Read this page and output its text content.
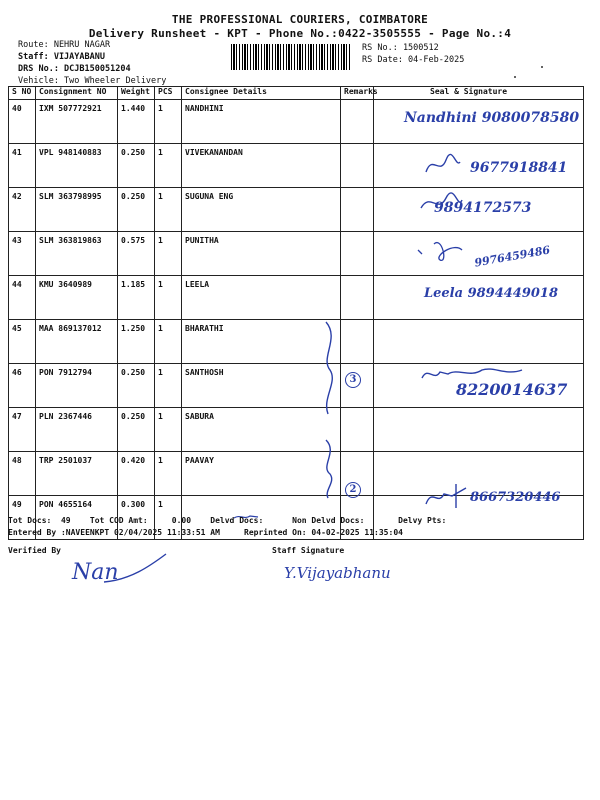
THE PROFESSIONAL COURIERS, COIMBATORE
Delivery Runsheet - KPT - Phone No.:0422-3505555 - Page No.:4
Route: NEHRU NAGAR
Staff: VIJAYABANU
DRS No.: DCJB150051204
Vehicle: Two Wheeler Delivery
RS No.: 1500512
RS Date: 04-Feb-2025
S NO	Consignment NO	Weight	PCS	Consignee Details	Remarks	Seal & Signature
40	IXM 507772921	1.440	1	NANDHINI		Nandhini 9080078580

41	VPL 948140883	0.250	1	VIVEKANANDAN		9677918841

42	SLM 363798995	0.250	1	SUGUNA ENG		9894172573

43	SLM 363819863	0.575	1	PUNITHA		9976459486

44	KMU 3640989	1.185	1	LEELA		Leela 9894449018

45	MAA 869137012	1.250	1	BHARATHI		
46	PON 7912794	0.250	1	SANTHOSH	3	8220014637

47	PLN 2367446	0.250	1	SABURA		
48	TRP 2501037	0.420	1	PAAVAY		
49	PON 4655164	0.300	1		2	8667320446
Tot Docs:  49    Tot COD Amt:     0.00    Delvd Docs:      Non Delvd Docs:       Delvy Pts:
Entered By :NAVEENKPT 02/04/2025 11:33:51 AM     Reprinted On: 04-02-2025 11:35:04
Verified By	Staff Signature
Nan	Y.Vijayabhanu
